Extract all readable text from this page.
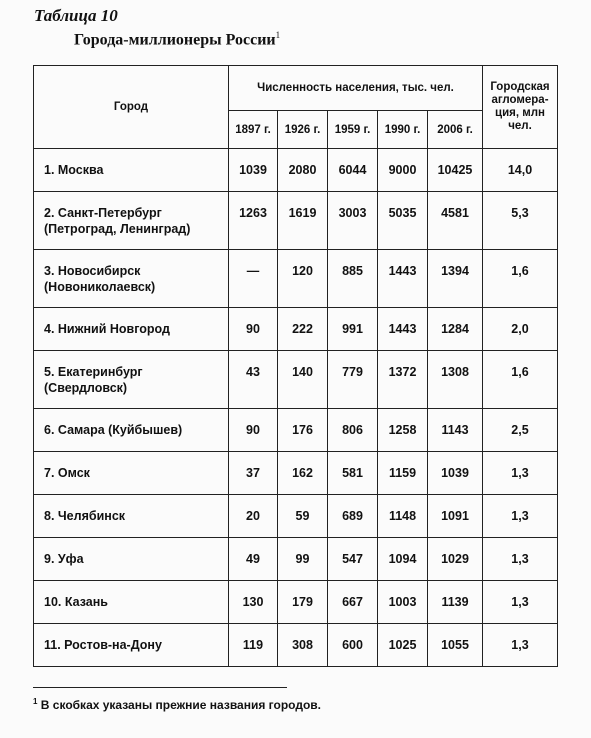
Таблица 10
Города-миллионеры России$^1$
Город	Численность населения, тыс. чел.					Городская агломера-ция, млн чел.
	1897 г.	1926 г.	1959 г.	1990 г.	2006 г.	
1. Москва	1039	2080	6044	9000	10425	14,0
2. Санкт-Петербург (Петроград, Ленинград)	1263	1619	3003	5035	4581	5,3
3. Новосибирск (Новониколаевск)	—	120	885	1443	1394	1,6
4. Нижний Новгород	90	222	991	1443	1284	2,0
5. Екатеринбург (Свердловск)	43	140	779	1372	1308	1,6
6. Самара (Куйбышев)	90	176	806	1258	1143	2,5
7. Омск	37	162	581	1159	1039	1,3
8. Челябинск	20	59	689	1148	1091	1,3
9. Уфа	49	99	547	1094	1029	1,3
10. Казань	130	179	667	1003	1139	1,3
11. Ростов-на-Дону	119	308	600	1025	1055	1,3
$^1$ В скобках указаны прежние названия городов.
